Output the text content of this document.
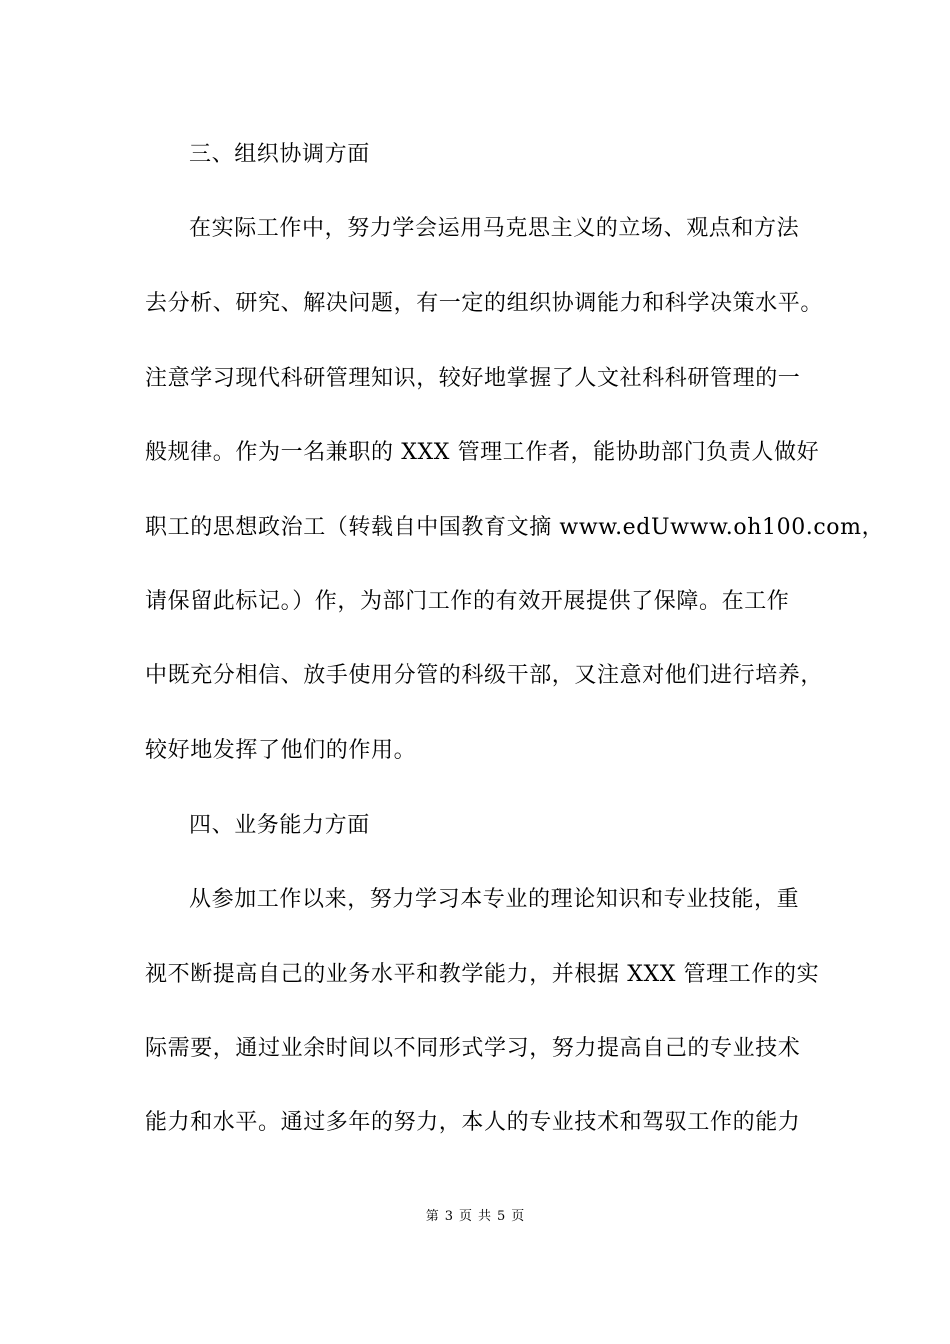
三、组织协调方面
在实际工作中，努力学会运用马克思主义的立场、观点和方法
去分析、研究、解决问题，有一定的组织协调能力和科学决策水平。
注意学习现代科研管理知识，较好地掌握了人文社科科研管理的一
般规律。作为一名兼职的 XXX 管理工作者，能协助部门负责人做好
职工的思想政治工（转载自中国教育文摘 www.edUwww.oh100.com，
请保留此标记。）作，为部门工作的有效开展提供了保障。在工作
中既充分相信、放手使用分管的科级干部，又注意对他们进行培养，
较好地发挥了他们的作用。
四、业务能力方面
从参加工作以来，努力学习本专业的理论知识和专业技能，重
视不断提高自己的业务水平和教学能力，并根据 XXX 管理工作的实
际需要，通过业余时间以不同形式学习，努力提高自己的专业技术
能力和水平。通过多年的努力，本人的专业技术和驾驭工作的能力
第 3 页 共 5 页
